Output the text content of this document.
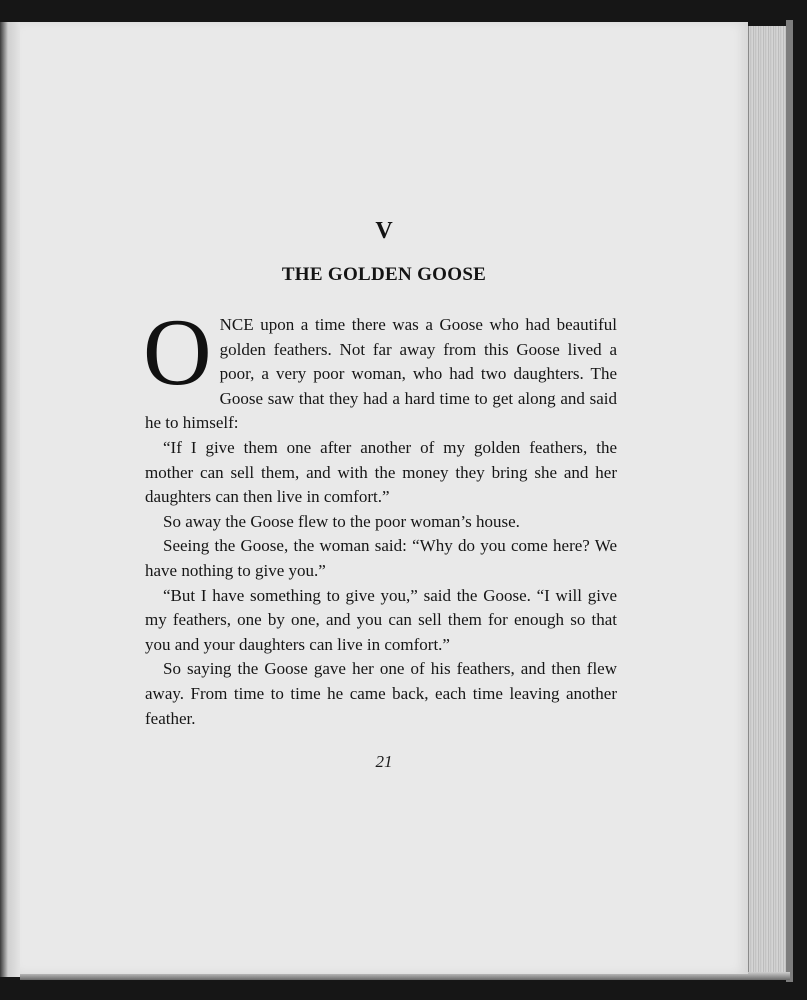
V
THE GOLDEN GOOSE

ONCE upon a time there was a Goose who had beautiful golden feathers. Not far away from this Goose lived a poor, a very poor woman, who had two daughters. The Goose saw that they had a hard time to get along and said he to himself:

“If I give them one after another of my golden feathers, the mother can sell them, and with the money they bring she and her daughters can then live in comfort.”

So away the Goose flew to the poor woman’s house.

Seeing the Goose, the woman said: “Why do you come here? We have nothing to give you.”

“But I have something to give you,” said the Goose. “I will give my feathers, one by one, and you can sell them for enough so that you and your daughters can live in comfort.”

So saying the Goose gave her one of his feathers, and then flew away. From time to time he came back, each time leaving another feather.

21
